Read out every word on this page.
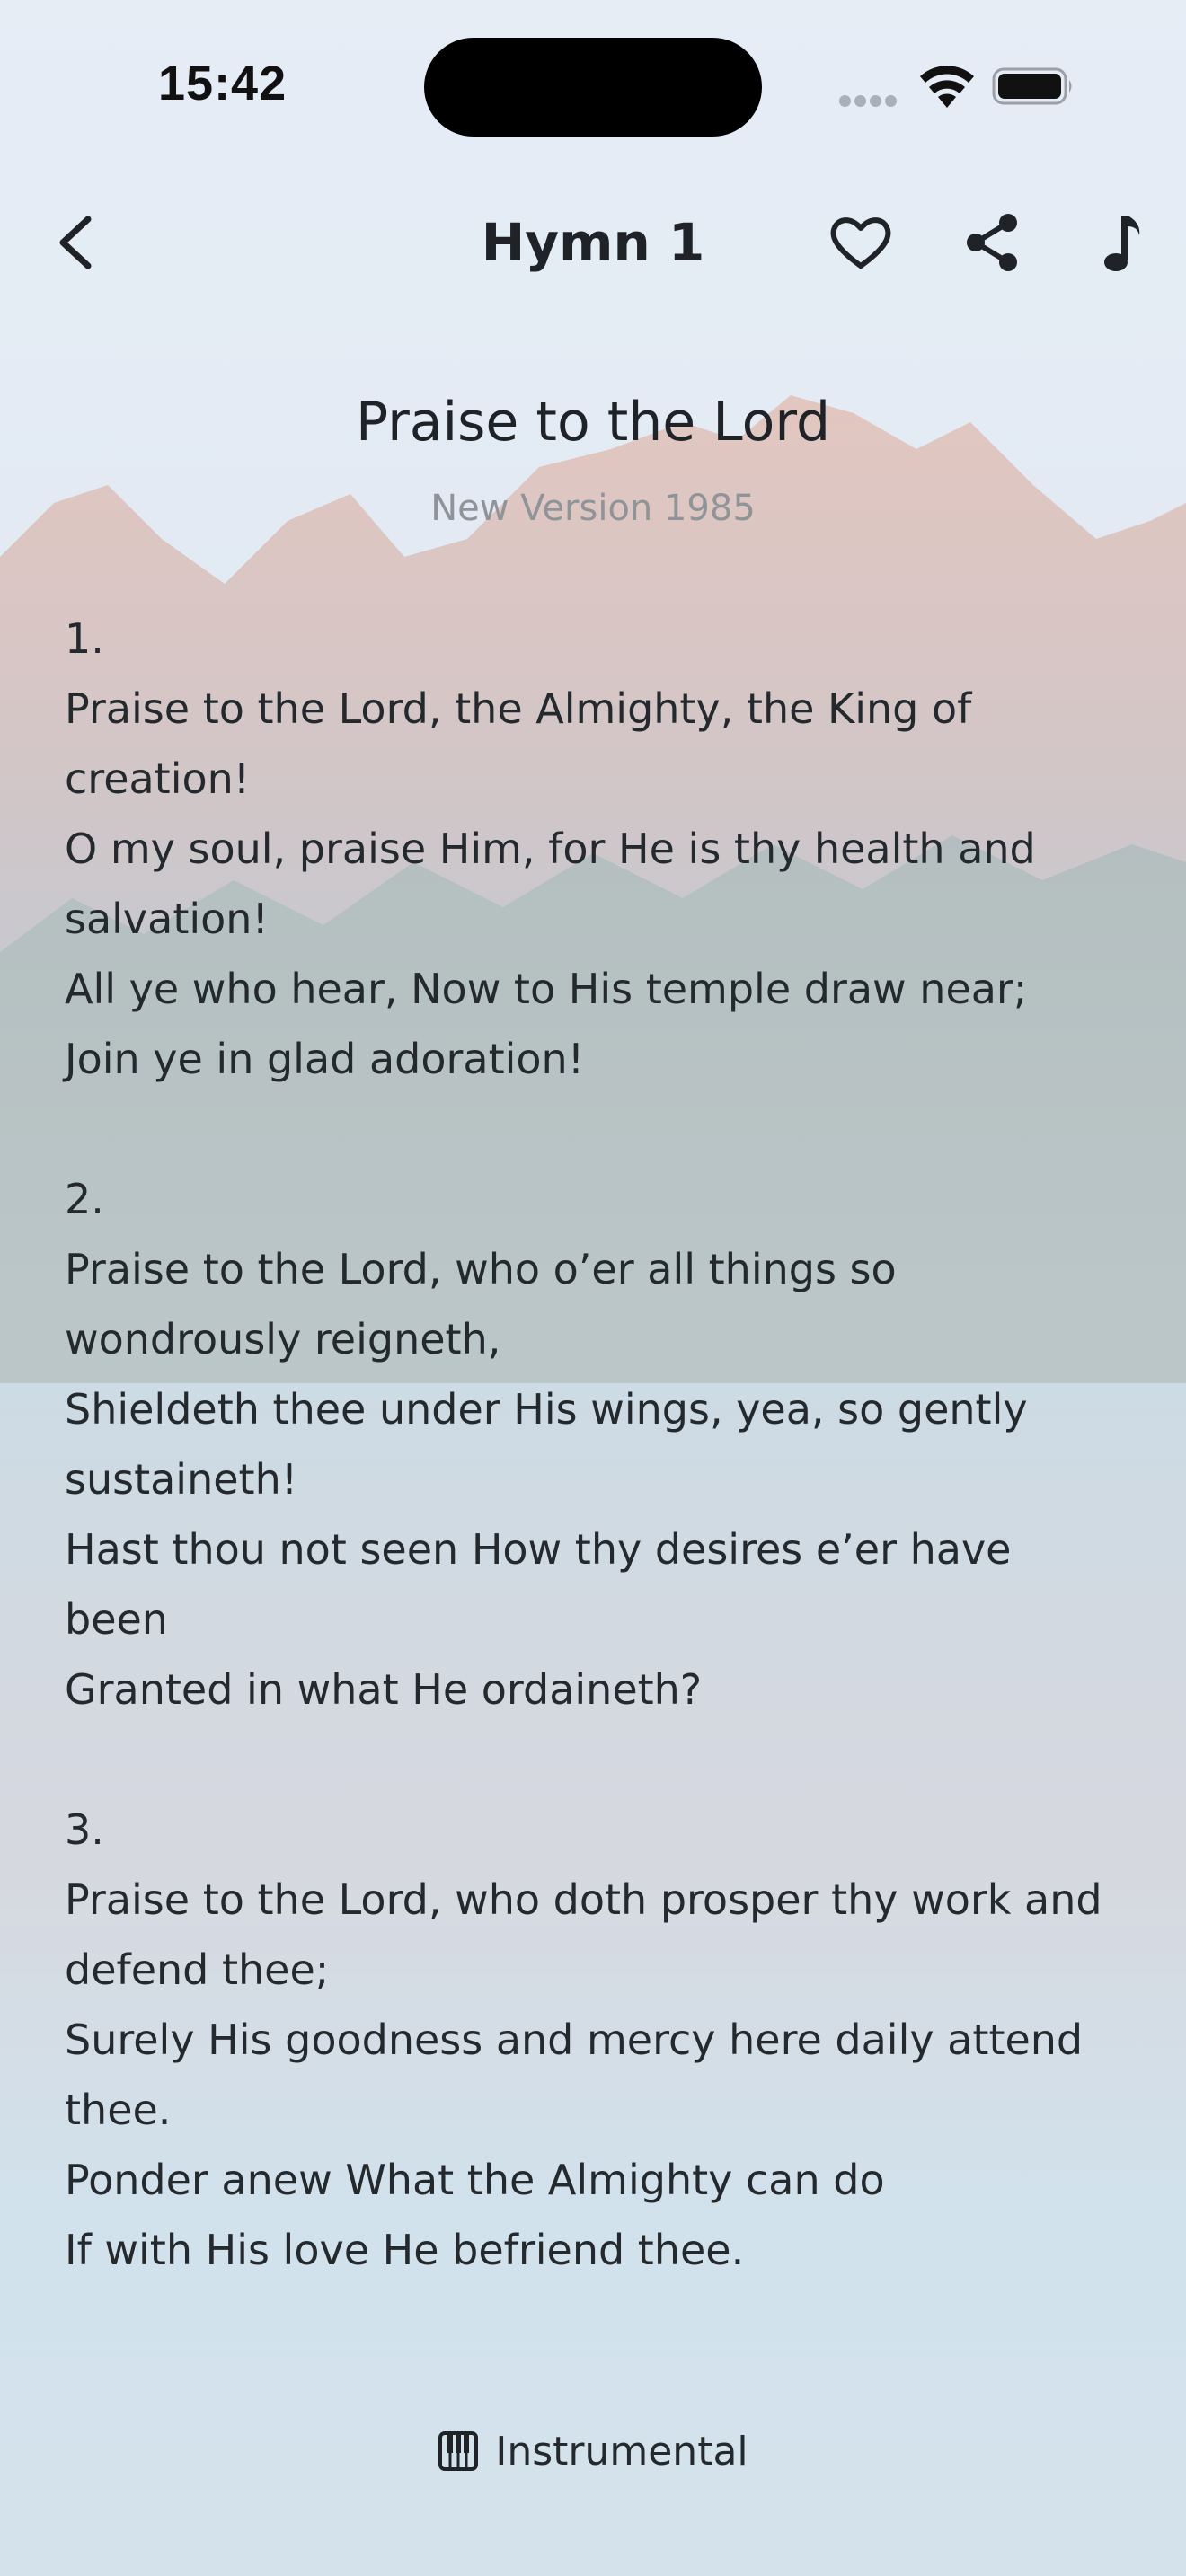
15:42
Hymn 1
Praise to the Lord
New Version 1985
1.
Praise to the Lord, the Almighty, the King of
creation!
O my soul, praise Him, for He is thy health and
salvation!
All ye who hear, Now to His temple draw near;
Join ye in glad adoration!
2.
Praise to the Lord, who o’er all things so
wondrously reigneth,
Shieldeth thee under His wings, yea, so gently
sustaineth!
Hast thou not seen How thy desires e’er have
been
Granted in what He ordaineth?
3.
Praise to the Lord, who doth prosper thy work and
defend thee;
Surely His goodness and mercy here daily attend
thee.
Ponder anew What the Almighty can do
If with His love He befriend thee.
Instrumental
